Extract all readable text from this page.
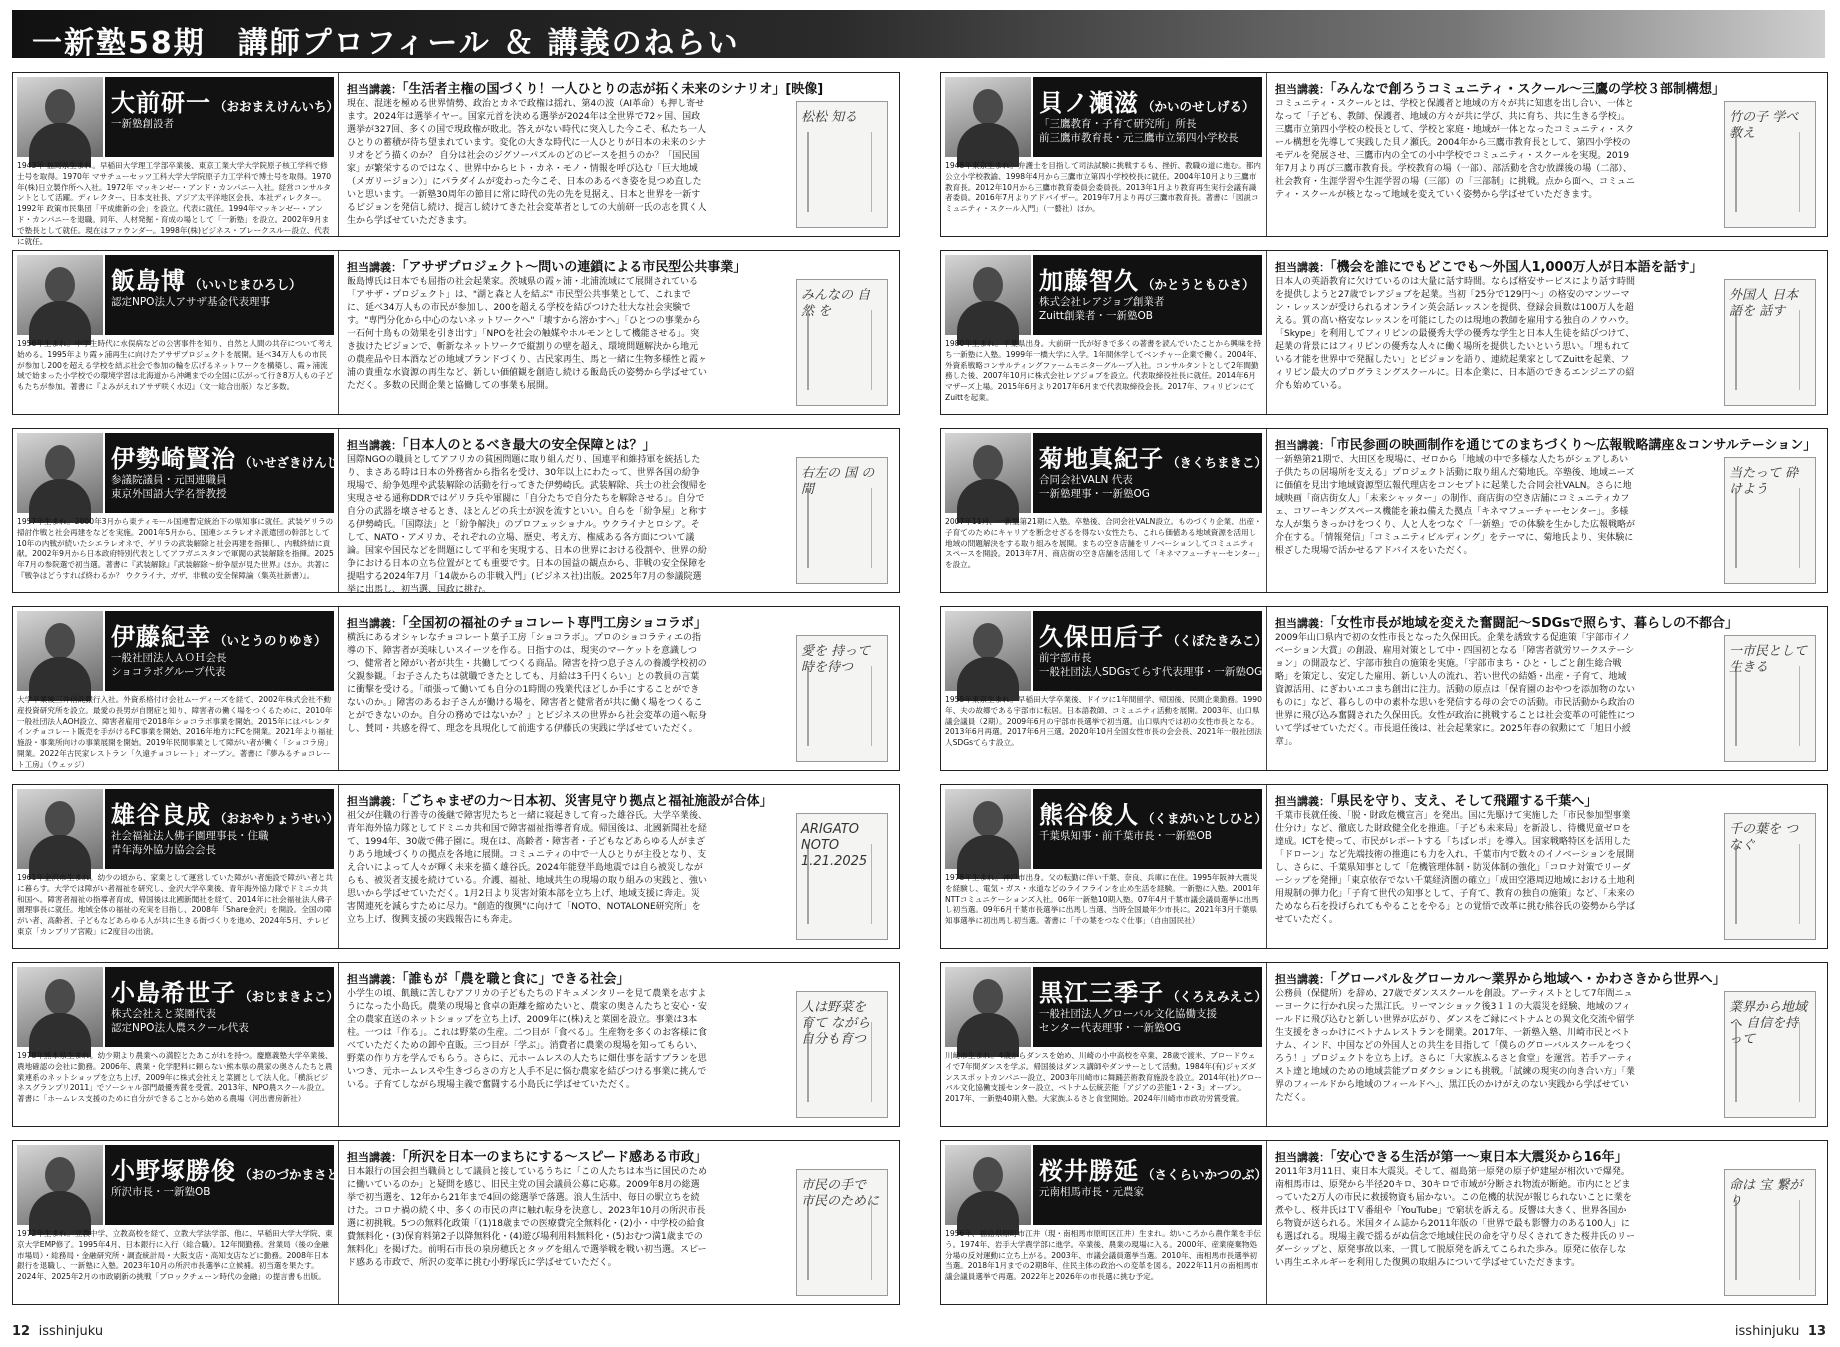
一新塾58期　講師プロフィール ＆ 講義のねらい
大前研一 （おおまえけんいち）
一新塾創設者
1943年 福岡県生まれ。早稲田大学理工学部卒業後、東京工業大学大学院原子核工学科で修士号を取得。1970年 マサチューセッツ工科大学大学院原子力工学科で博士号を取得。1970年(株)日立製作所へ入社。1972年 マッキンゼー・アンド・カンパニー入社。経営コンサルタントとして活躍。ディレクター、日本支社長、アジア太平洋地区会長、本社ディレクター。1992年 政策市民集団「平成維新の会」を設立。代表に就任。1994年マッキンゼー・アンド・カンパニーを退職。同年、人材発掘・育成の場として「一新塾」を設立。2002年9月まで塾長として就任。現在はファウンダー。1998年(株)ビジネス・ブレークスルー設立、代表に就任。
担当講義：「生活者主権の国づくり！一人ひとりの志が拓く未来のシナリオ」[映像]
現在、混迷を極める世界情勢、政治とカネで政権は揺れ、第4の波（AI革命）も押し寄せます。2024年は選挙イヤー。国家元首を決める選挙が2024年は全世界で72ヶ国、国政選挙が327回、多くの国で現政権が敗北。答えがない時代に突入した今こそ、私たち一人ひとりの蓄積が待ち望まれています。変化の大きな時代に一人ひとりが日本の未来のシナリオをどう描くのか？ 自分は社会のジグソーパズルのどのピースを担うのか？「国民国家」が繁栄するのではなく、世界中からヒト・カネ・モノ・情報を呼び込む「巨大地域（メガリージョン）」にパラダイムが変わった今こそ、日本のあるべき姿を見つめ直したいと思います。一新塾30周年の節目に常に時代の先の先を見据え、日本と世界を一新するビジョンを発信し続け、提言し続けてきた社会変革者としての大前研一氏の志を貫く人生から学ばせていただきます。
松松 知る
飯島博 （いいじまひろし）
認定NPO法人アサザ基金代表理事
1956年生まれ。中学生時代に水俣病などの公害事件を知り、自然と人間の共存について考え始める。1995年より霞ヶ浦再生に向けたアサザプロジェクトを展開。延べ34万人もの市民が参加し200を超える学校を結ぶ社会で参加の輪を広げるネットワークを構築し、霞ヶ浦流域で始まった小学校での環境学習は北海道から沖縄までの全国に広がって行き8万人もの子どもたちが参加。著書に『よみがえれアサザ咲く水辺』（文一総合出版）など多数。
担当講義：「アサザプロジェクト～問いの連鎖による市民型公共事業」
飯島博氏は日本でも屈指の社会起業家。茨城県の霞ヶ浦・北浦流域にて展開されている「アサザ・プロジェクト」は、"湖と森と人を結ぶ" 市民型公共事業として、これまでに、延べ34万人もの市民が参加し、200を超える学校を結びつけた壮大な社会実験です。"専門分化から中心のないネットワークへ"「壊すから溶かすへ」「ひとつの事業から一石何十鳥もの効果を引き出す」「NPOを社会の触媒やホルモンとして機能させる」。突き抜けたビジョンで、斬新なネットワークで縦割りの壁を超え、環境問題解決から地元の農産品や日本酒などの地域ブランドづくり、古民家再生、馬と一緒に生物多様性と霞ヶ浦の貴重な水資源の再生など、新しい価値観を創造し続ける飯島氏の姿勢から学ばせていただく。多数の民間企業と協働しての事業も展開。
みんなの 自然 を
伊勢崎賢治 （いせざきけんじ）
参議院議員・元国連職員
東京外国語大学名誉教授
1957年生まれ。2000年3月から東ティモール国連暫定統治下の県知事に就任。武装ゲリラの掃討作戦と社会再建をなどを実施。2001年5月から、国連シエラレオネ派遣団の幹部として10年の内戦が続いたシエラレオネで、ゲリラの武装解除と社会再建を指揮し、内戦終結に貢献。2002年9月から日本政府特別代表としてアフガニスタンで軍閥の武装解除を指揮。2025年7月の参院選で初当選。著書に『武装解除』『武装解除～紛争屋が見た世界』ほか。共著に『戦争はどうすれば終わるか？ ウクライナ、ガザ、非戦の安全保障論（集英社新書）』。
担当講義：「日本人のとるべき最大の安全保障とは？」
国際NGOの職員としてアフリカの貧困問題に取り組んだり、国連平和維持軍を統括したり、まさある時は日本の外務省から指名を受け、30年以上にわたって、世界各国の紛争現場で、紛争処理や武装解除の活動を行ってきた伊勢崎氏。武装解除、兵士の社会復帰を実現させる通称DDRではゲリラ兵や軍閥に「自分たちで自分たちを解除させる」。自分で自分の武器を壊させるとき、ほとんどの兵士が涙を流すといい。自らを「紛争屋」と称する伊勢崎氏。「国際法」と「紛争解決」のプロフェッショナル。ウクライナとロシア。そして、NATO・アメリカ、それぞれの立場、歴史、考え方、権威ある各方面について議論。国家や国民などを問題にして平和を実現する、日本の世界における役割や、世界の紛争における日本の立ち位置がとても重要です。日本の国益の観点から、非戦の安全保障を提唱する2024年7月「14歳からの非戦入門」(ビジネス社)出版。2025年7月の参議院選挙に出馬し、初当選、国政に挑む。
右左の 国 の 間
伊藤紀幸 （いとうのりゆき）
一般社団法人ＡＯＨ会長
ショコラボグループ代表
大学卒業後三井信託銀行入社。外資系格付け会社ムーディーズを経て、2002年株式会社不動産投資研究所を設立。最愛の長男が自閉症と知り、障害者の働く場をつくるために、2010年一般社団法人AOH設立、障害者雇用で2018年ショコラボ事業を開始。2015年にはバレンタインチョコレート販売を手がけるFC事業を開始、2016年地方にFCを開業。2021年より福祉施設・事業所向けの事業展開を開始。2019年民間事業として障がい者が働く「ショコラ房」開業。2022年古民家レストラン「久遠チョコレート」オープン。著書に『夢みるチョコレート工房』（ウェッジ）
担当講義：「全国初の福祉のチョコレート専門工房ショコラボ」
横浜にあるオシャレなチョコレート菓子工房「ショコラボ」。プロのショコラティエの指導の下、障害者が美味しいスイーツを作る。日指すのは、現実のマーケットを意識しつつ、健常者と障がい者が共生・共働してつくる商品。障害を持つ息子さんの養護学校初の父親参観。「お子さんたちは就職できたとしても、月給は3千円くらい」との教員の言葉に衝撃を受ける。「頑張って働いても自分の1時間の残業代ほどしか手にすることができないのか。」障害のあるお子さんが働ける場を、障害者と健常者が共に働く場をつくることができないのか。自分の務めではないか？」とビジネスの世界から社会変革の道へ転身し、賛同・共感を得て、理念を具現化して前進する伊藤氏の実践に学ばせていただく。
愛を 持って 時を待つ
雄谷良成 （おおやりょうせい）
社会福祉法人佛子園理事長・住職
青年海外協力協会会長
1961年金沢市生まれ。幼少の頃から、家業として運営していた障がい者施設で障がい者と共に暮らす。大学では障がい者福祉を研究し、金沢大学卒業後、青年海外協力隊でドミニカ共和国へ。障害者福祉の指導者育成、帰国後は北國新聞社を経て、2014年に社会福祉法人佛子園理事長に就任。地域全体の福祉の充実を目指し、2008年「Share金沢」を開設。全国の障がい者、高齢者、子どもなどあらゆる人が共に生きる街づくりを進め、2024年5月、テレビ東京「カンブリア宮殿」に2度目の出演。
担当講義：「ごちゃまぜの力～日本初、災害見守り拠点と福祉施設が合体」
祖父が住職の行善寺の後継で障害児たちと一緒に寝起きして育った雄谷氏。大学卒業後、青年海外協力隊としてドミニカ共和国で障害福祉指導者育成。帰国後は、北國新聞社を経て、1994年、30歳で佛子園に。現在は、高齢者・障害者・子どもなどあらゆる人がまざりあう地域づくりの拠点を各地に展開。コミュニティの中で一人ひとりが主役となり、支え合いによって人々が輝く未来を描く雄谷氏。2024年能登半島地震では自ら被災しながらも、被災者支援を続けている。介護、福祉、地域共生の現場の取り組みの実践と、強い思いから学ばせていただく。1月2日より災害対策本部を立ち上げ、地域支援に奔走。災害関連死を減らすために尽力。"創造的復興"に向けて「NOTO、NOTALONE研究所」を立ち上げ、復興支援の実践報告にも奔走。
ARIGATO NOTO 1.21.2025
小島希世子 （おじまきよこ）
株式会社えと菜園代表
認定NPO法人農スクール代表
1978年熊本県生まれ。幼少期より農業への満腔とたあこがれを持つ。慶應義塾大学卒業後、農地確認の会社に勤務。2006年、農業・化学肥料に頼らない熊本県の農家の奥さんたちと農業連系のネットショップを立ち上げ、2009年に株式会社えと菜園として法人化。「横浜ビジネスグランプリ2011」でソーシャル部門最優秀賞を受賞。2013年、NPO農スクール設立。著書に「ホームレス支援のために自分ができることから始める農場（河出書房新社）
担当講義：「誰もが「農を職と食に」できる社会」
小学生の頃、飢餓に苦しむアフリカの子どもたちのドキュメンタリーを見て農業を志すようになった小島氏。農業の現場と食卓の距離を縮めたいと、農家の奥さんたちと安心・安全の農家直送のネットショップを立ち上げ、2009年に(株)えと菜園を設立。事業は3本柱。一つは「作る」。これは野菜の生産。二つ目が「食べる」。生産物を多くのお客様に食べていただくための卸や直販。三つ目が「学ぶ」。消費者に農業の現場を知ってもらい、野菜の作り方を学んでもらう。さらに、元ホームレスの人たちに畑仕事を話すプランを思いつき、元ホームレスや生きづらさの方と人手不足に悩む農家を結びつける事業に挑んでいる。子育てしながら現場主義で奮闘する小島氏に学ばせていただく。
人は野菜を 育て ながら 自分も育つ
小野塚勝俊 （おのづかまさとし）
所沢市長・一新塾OB
1972年生まれ。立教中学、立教高校を経て、立教大学法学部、他に、早稲田大学大学院、東京大学EMP修了。1995年4月、日本銀行に入行（総合職）。12年間勤務。営業局（後の金融市場局）・総務局・金融研究所・調査統計局・大阪支店・高知支店などに勤務。2008年日本銀行を退職し、一新塾に入塾。2023年10月の所沢市長選挙に立候補。初当選を果たす。2024年、2025年2月の市政刷新の挑戦「ブロックチェーン時代の金融」の提言書も出版。
担当講義：「所沢を日本一のまちにする～スピード感ある市政」
日本銀行の国会担当職員として議員と接しているうちに「この人たちは本当に国民のために働いているのか」と疑問を感じ、旧民主党の国会議員公募に応募。2009年8月の総選挙で初当選を、12年から21年まで4回の総選挙で落選。浪人生活中、毎日の駅立ちを続けた。コロナ禍の続く中、多くの市民の声に触れ転身を決意し、2023年10月の所沢市長選に初挑戦。5つの無料化政策「(1)18歳までの医療費完全無料化・(2)小・中学校の給食費無料化・(3)保育料第2子以降無料化・(4)遊び場利用料無料化・(5)おむつ満1歳までの無料化」を掲げた。前明石市長の泉房穂氏とタッグを組んで選挙戦を戦い初当選。スピード感ある市政で、所沢の変革に挑む小野塚氏に学ばせていただく。
市民の手で 市民のために
貝ノ瀬滋 （かいのせしげる）
「三鷹教育・子育て研究所」所長
前三鷹市教育長・元三鷹市立第四小学校長
1948年東京生まれ。弁護士を目指して司法試験に挑戦するも、挫折、教職の道に進む。都内公立小学校教諭、1998年4月から三鷹市立第四小学校校長に就任。2004年10月より三鷹市教育長。2012年10月から三鷹市教育委員会委員長。2013年1月より教育再生実行会議有識者委員。2016年7月よりアドバイザー。2019年7月より再び三鷹市教育長。著書に「図説コミュニティ・スクール入門」（一藝社）ほか。
担当講義：「みんなで創ろうコミュニティ・スクール～三鷹の学校３部制構想」
コミュニティ・スクールとは、学校と保護者と地域の方々が共に知恵を出し合い、一体となって「子ども、教師、保護者、地域の方々が共に学び、共に育ち、共に生きる学校」。三鷹市立第四小学校の校長として、学校と家庭・地域が一体となったコミュニティ・スクール構想を先導して実践した貝ノ瀬氏。2004年から三鷹市教育長として、第四小学校のモデルを発展させ、三鷹市内の全ての小中学校でコミュニティ・スクールを実現。2019年7月より再び三鷹市教育長。学校教育の場（一部）、部活動を含む放課後の場（二部）、社会教育・生涯学習や生涯学習の場（三部）の「三部制」に挑戦。点から面へ、コミュニティ・スクールが核となって地域を変えていく姿勢から学ばせていただきます。
竹の子 学べ 教え
加藤智久 （かとうともひさ）
株式会社レアジョブ創業者
Zuitt創業者・一新塾OB
1980年生まれ。千葉県出身。大前研一氏が好きで多くの著書を読んでいたことから興味を持ち一新塾に入塾。1999年一橋大学に入学。1年間休学してベンチャー企業で働く。2004年、外資系戦略コンサルティングファームモニターグループ入社。コンサルタントとして2年間勤務した後、2007年10月に株式会社レアジョブを設立。代表取締役社長に就任。2014年6月マザーズ上場。2015年6月より2017年6月まで代表取締役会長。2017年、フィリピンにてZuittを起業。
担当講義：「機会を誰にでもどこでも～外国人1,000万人が日本語を話す」
日本人の英語教育に欠けているのは大量に話す時間。ならば格安サービスにより話す時間を提供しようと27歳でレアジョブを起業。当初「25分で129円～」の格安のマンツーマン・レッスンが受けられるオンライン英会話レッスンを提供、登録会員数は100万人を超える。質の高い格安なレッスンを可能にしたのは現地の教師を雇用する独自のノウハウ。「Skype」を利用してフィリピンの最優秀大学の優秀な学生と日本人生徒を結びつけて、起業の背景にはフィリピンの優秀な人々に働く場所を提供したいという思い。「埋もれている才能を世界中で発掘したい」とビジョンを語り、連続起業家としてZuittを起業、フィリピン最大のプログラミングスクールに。日本企業に、日本語のできるエンジニアの紹介も始めている。
外国人 日本語を 話す
菊地真紀子 （きくちまきこ）
合同会社VALN 代表
一新塾理事・一新塾OG
2007年11月、一新塾第21期に入塾。卒塾後、合同会社VALN設立。ものづくり企業、出産・子育てのためにキャリアを断念せざるを得ない女性たち、これら価値ある地域資源を活用し地域の問題解決をする取り組みを展開。まちの空き店舗をリノベーションしてコミュニティスペースを開設。2013年7月、商店街の空き店舗を活用して「キネマフューチャーセンター」を設立。
担当講義：「市民参画の映画制作を通じてのまちづくり～広報戦略講座＆コンサルテーション」
一新塾第21期で、大田区を現場に、ゼロから「地域の中で多様な人たちがシェアしあい子供たちの居場所を支える」プロジェクト活動に取り組んだ菊地氏。卒塾後、地域ニーズに価値を見出す地域資源型広報代理店をコンセプトに起業した合同会社VALN。さらに地域映画「商店街女人」「未来シャッター」の制作、商店街の空き店舗にコミュニティカフェ、コワーキングスペース機能を兼ね備えた拠点「キネマフューチャーセンター」。多様な人が集うきっかけをつくり、人と人をつなぐ「一新塾」での体験を生かした広報戦略が介在する。「情報発信」「コミュニティビルディング」をテーマに、菊地氏より、実体験に根ざした現場で活かせるアドバイスをいただく。
当たって 砕けよう
久保田后子 （くぼたきみこ）
前宇部市長
一般社団法人SDGsてらす代表理事・一新塾OG
1955年東京生まれ。早稲田大学卒業後、ドイツに1年間留学、帰国後、民間企業勤務。1990年、夫の故郷である宇部市に転居。日本語教師、コミュニティ活動を展開。2003年、山口県議会議員（2期）。2009年6月の宇部市長選挙で初当選。山口県内では初の女性市長となる。2013年6月再選。2017年6月三選。2020年10月全国女性市長の会会長、2021年一般社団法人SDGsてらす設立。
担当講義：「女性市長が地域を変えた奮闘記～SDGsで照らす、暮らしの不都合」
2009年山口県内で初の女性市長となった久保田氏。企業を誘致する促進策「宇部市イノベーション大賞」の創設、雇用対策として中・四国初となる「障害者就労ワークステーション」の開設など、宇部市独自の施策を実施。「宇部市まち・ひと・しごと創生総合戦略」を策定し、安定した雇用、新しい人の流れ、若い世代の結婚・出産・子育て、地域資源活用、にぎわいエコまち創出に注力。活動の原点は「保育園のおやつを添加物のないものに」など、暮らしの中の素朴な思いを発信する母の会での活動。市民活動から政治の世界に飛び込み奮闘された久保田氏。女性が政治に挑戦することは社会変革の可能性について学ばせていただく。市長退任後は、社会起業家に。2025年春の叙勲にて「旭日小綬章」。
一市民として 生きる
熊谷俊人 （くまがいとしひと）
千葉県知事・前千葉市長・一新塾OB
1978年生まれ。神戸市出身。父の転勤に伴い千葉、奈良、兵庫に在住。1995年阪神大震災を経験し、電気・ガス・水道などのライフラインを止め生活を経験。一新塾に入塾。2001年NTTコミュニケーションズ入社。06年一新塾10期入塾。07年4月千葉市議会議員選挙に出馬し初当選。09年6月千葉市長選挙に出馬し当選、当時全国最年少市長に。2021年3月千葉県知事選挙に初出馬し初当選。著書に「千の葉をつなぐ仕事」（自由国民社）
担当講義：「県民を守り、支え、そして飛躍する千葉へ」
千葉市長就任後、「脱・財政危機宣言」を発出。国に先駆けて実施した「市民参加型事業仕分け」など、徹底した財政健全化を推進。「子ども未来局」を新設し、待機児童ゼロを達成。ICTを使って、市民がレポートする「ちばレポ」を導入。国家戦略特区を活用した「ドローン」など先端技術の推進にも力を入れ、千葉市内で数々のイノベーションを展開し、さらに、千葉県知事として「危機管理体制・防災体制の強化」「コロナ対策でリーダーシップを発揮」「東京依存でない千葉経済圏の確立」「成田空港周辺地域における土地利用規制の弾力化」「子育て世代の知事として、子育て、教育の独自の施策」など、「未来のためなら石を投げられてもやることをやる」との覚悟で改革に挑む熊谷氏の姿勢から学ばせていただく。
千の葉を つなぐ
黒江三季子 （くろえみえこ）
一般社団法人グローバル文化協働支援
センター代表理事・一新塾OG
川崎市生まれ。4歳からダンスを始め、川崎の小中高校を卒業、28歳で渡米、ブロードウェイで7年間ダンスを学ぶ。帰国後はダンス講師やダンサーとして活動。1984年(有)ジャズダンススポットカンパニー設立、2003年川崎市に舞踊芸術教育施設を設立。2014年(社)グローバル文化協働支援センター設立、ベトナム伝統芸能「アジアの芸能1・2・3」オープン。2017年、一新塾40期入塾。大家族ふるさと食堂開始。2024年川崎市市政功労賞受賞。
担当講義：「グローバル＆グローカル～業界から地域へ・かわさきから世界へ」
公務員（保健所）を辞め、27歳でダンススクールを創設。アーティストとして7年間ニューヨークに行かれ戻った黒江氏。リーマンショック後3１１の大震災を経験、地域のフィールドに飛び込むと新しい世界が広がり、ダンスをご縁にベトナムとの異文化交流や留学生支援をきっかけにベトナムレストランを開業。2017年、一新塾入塾、川崎市民とベトナム、インド、中国などの外国人との共生を目指して「僕らのグローバルスクールをつくろう！」プロジェクトを立ち上げ。さらに「大家族ふるさと食堂」を運営。若手アーティスト達と地域のための地域芸能プロダクションにも挑戦。「試練の現実の向き合い方」「業界のフィールドから地域のフィールドへ」、黒江氏のかけがえのない実践から学ばせていただく。
業界から地域へ 自信を持って
桜井勝延 （さくらいかつのぶ）
元南相馬市長・元農家
1956年、福島県原町市江井（現・南相馬市原町区江井）生まれ。幼いころから農作業を手伝う。1974年、岩手大学農学部に進学。卒業後、農業の現場に入る。2000年、産業廃棄物処分場の反対運動に立ち上がる。2003年、市議会議員選挙当選。2010年、南相馬市長選挙初当選。2018年1月までの2期8年、住民主体の政治への変革を図る。2022年11月の南相馬市議会議員選挙で再選。2022年と2026年の市長選に挑む予定。
担当講義：「安心できる生活が第一～東日本大震災から16年」
2011年3月11日、東日本大震災。そして、福島第一原発の原子炉建屋が相次いで爆発。南相馬市は、原発から半径20キロ、30キロで市域が分断され物流が断絶。市内にとどまっていた2万人の市民に救援物資も届かない。この危機的状況が報じられないことに業を煮やし、桜井氏はＴＶ番組や「YouTube」で窮状を訴える。反響は大きく、世界各国から物資が送られる。米国タイム誌から2011年版の「世界で最も影響力のある100人」にも選ばれる。現場主義で揺るがぬ信念で地域住民の命を守り尽くされてきた桜井氏のリーダーシップと、原発事故以来、一貫して脱原発を訴えてこられた歩み。原発に依存しない再生エネルギーを利用した復興の取組みについて学ばせていただきます。
命は 宝 繋がり
12 isshinjuku	isshinjuku 13
